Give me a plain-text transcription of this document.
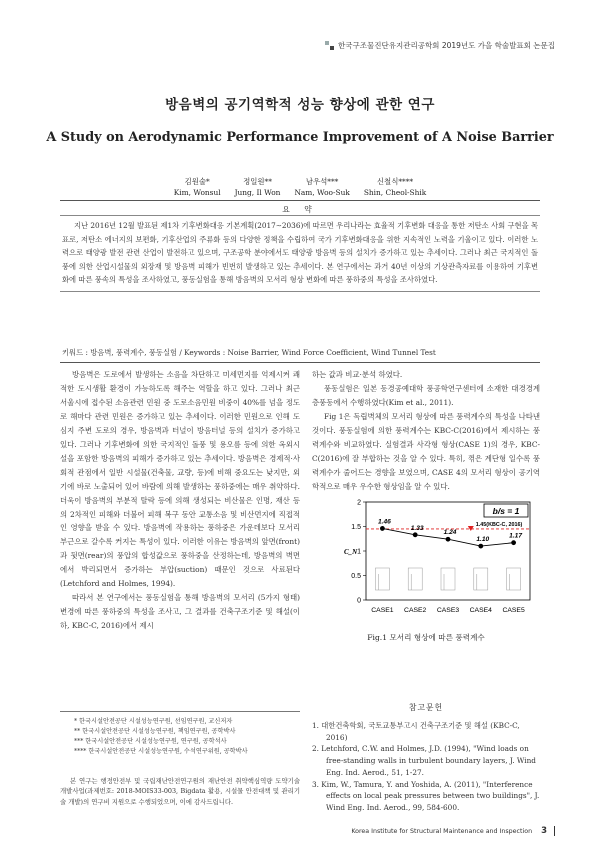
한국구조물진단유지관리공학회 2019년도 가을 학술발표회 논문집
방음벽의 공기역학적 성능 향상에 관한 연구
A Study on Aerodynamic Performance Improvement of A Noise Barrier
김원술*
Kim, Wonsul
정일원**
Jung, Il Won
남우석***
Nam, Woo-Suk
신철식****
Shin, Cheol-Shik
요 약
지난 2016년 12월 발표된 제1차 기후변화대응 기본계획(2017∼2036)에 따르면 우리나라는 효율적 기후변화 대응을 통한 저탄소 사회 구현을 목표로, 저탄소 에너지의 보편화, 기후산업의 주류화 등의 다양한 정책을 수립하여 국가 기후변화대응을 위한 지속적인 노력을 기울이고 있다. 이러한 노력으로 태양광 발전 관련 산업이 발전하고 있으며, 구조공학 분야에서도 태양광 방음벽 등의 설치가 증가하고 있는 추세이다. 그러나 최근 국지적인 돌풍에 의한 산업시설물의 외장재 및 방음벽 피해가 빈번히 발생하고 있는 추세이다. 본 연구에서는 과거 40년 이상의 기상관측자료를 이용하여 기후변화에 따른 풍속의 특성을 조사하였고, 풍동실험을 통해 방음벽의 모서리 형상 변화에 따른 풍하중의 특성을 조사하였다.
키워드 : 방음벽, 풍력계수, 풍동실험 / Keywords : Noise Barrier, Wind Force Coefficient, Wind Tunnel Test

방음벽은 도로에서 발생하는 소음을 차단하고 미세먼지를 억제시켜 쾌적한 도시생활 환경이 가능하도록 해주는 역할을 하고 있다. 그러나 최근 서울시에 접수된 소음관련 민원 중 도로소음민원 비중이 40%를 넘을 정도로 해마다 관련 민원은 증가하고 있는 추세이다. 이러한 민원으로 인해 도심지 주변 도로의 경우, 방음벽과 터널이 방음터널 등의 설치가 증가하고 있다. 그러나 기후변화에 의한 국지적인 돌풍 및 용오름 등에 의한 옥외시설을 포함한 방음벽의 피해가 증가하고 있는 추세이다. 방음벽은 경제적·사회적 관점에서 일반 시설물(건축물, 교량, 등)에 비해 중요도는 낮지만, 외기에 바로 노출되어 있어 바람에 의해 발생하는 풍하중에는 매우 취약하다. 더욱이 방음벽의 부분적 탈락 등에 의해 생성되는 비산물은 인명, 재산 등의 2차적인 피해와 더불어 피해 복구 동안 교통소음 및 비산먼지에 직접적인 영향을 받을 수 있다. 방음벽에 작용하는 풍하중은 가운데보다 모서리 부근으로 갈수록 커지는 특성이 있다. 이러한 이유는 방음벽의 앞면(front)과 뒷면(rear)의 풍압의 합성값으로 풍하중을 산정하는데, 방음벽의 벽면에서 박리되면서 증가하는 부압(suction) 때문인 것으로 사료된다 (Letchford and Holmes, 1994).

따라서 본 연구에서는 풍동실험을 통해 방음벽의 모서리 (5가지 형태) 변경에 따른 풍하중의 특성을 조사고, 그 결과를 건축구조기준 및 해설(이하, KBC-C, 2016)에서 제시

하는 값과 비교·분석 하였다.

풍동실험은 일본 동경공예대학 풍공학연구센터에 소재한 대경경계층풍동에서 수행하였다(Kim et al., 2011).

Fig 1은 독립벽체의 모서리 형상에 따른 풍력계수의 특성을 나타낸 것이다. 풍동실험에 의한 풍력계수는 KBC-C(2016)에서 제시하는 풍력계수와 비교하였다. 실험결과 사각형 형상(CASE 1)의 경우, KBC-C(2016)에 잘 부합하는 것을 알 수 있다. 특히, 꺾은 계단형 일수록 풍력계수가 줄어드는 경향을 보였으며, CASE 4의 모서리 형상이 공기역학적으로 매우 우수한 형상임을 알 수 있다.

0
0.5
1
1.5
2
C_N
CASE1 CASE2 CASE3 CASE4 CASE5
1.45(KBC-C, 2016)
1.46
1.33
1.24
1.10	1.17
b/s = 1
Fig.1 모서리 형상에 따른 풍력계수
참고문헌
1. 대한건축학회, 국토교통부고시 건축구조기준 및 해설 (KBC-C, 2016)
2. Letchford, C.W. and Holmes, J.D. (1994), "Wind loads on free-standing walls in turbulent boundary layers, J. Wind Eng. Ind. Aerod., 51, 1-27.
3. Kim, W., Tamura, Y. and Yoshida, A. (2011), "Interference effects on local peak pressures between two buildings", J. Wind Eng. Ind. Aerod., 99, 584-600.
* 한국시설안전공단 시설성능연구원, 선임연구원, 교신저자
** 한국시설안전공단 시설성능연구원, 책임연구원, 공학박사
*** 한국시설안전공단 시설성능연구원, 연구원, 공학석사
**** 한국시설안전공단 시설성능연구원, 수석연구위원, 공학박사
본 연구는 행정안전부 및 국립재난안전연구원의 재난안전 취약핵심역량 도약기술개발사업(과제번호: 2018-MOIS33-003, Bigdata 활용, 시설물 안전대책 및 관리기술 개발)의 연구비 지원으로 수행되었으며, 이에 감사드립니다.
Korea Institute for Structural Maintenance and Inspection 3
